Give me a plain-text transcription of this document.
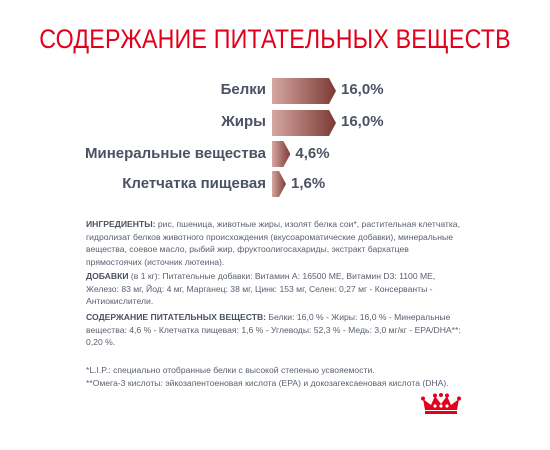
СОДЕРЖАНИЕ ПИТАТЕЛЬНЫХ ВЕЩЕСТВ
Белки	16,0%
Жиры	16,0%
Минеральные вещества 4,6%
Клетчатка пищевая 1,6%
ИНГРЕДИЕНТЫ: рис, пшеница, животные жиры, изолят белка сои*, растительная клетчатка, гидролизат белков животного происхождения (вкусоароматические добавки), минеральные вещества, соевое масло, рыбий жир, фруктоолигосахариды, экстракт бархатцев прямостоячих (источник лютеина).
ДОБАВКИ (в 1 кг): Питательные добавки: Витамин A: 16500 МЕ, Витамин D3: 1100 МЕ, Железо: 83 мг, Йод: 4 мг, Марганец: 38 мг, Цинк: 153 мг, Селен: 0,27 мг - Консерванты - Антиокислители.
СОДЕРЖАНИЕ ПИТАТЕЛЬНЫХ ВЕЩЕСТВ: Белки: 16,0 % - Жиры: 16,0 % - Минеральные вещества: 4,6 % - Клетчатка пищевая: 1,6 % - Углеводы: 52,3 % - Медь: 3,0 мг/кг - EPA/DHA**: 0,20 %.
*L.I.P.: специально отобранные белки с высокой степенью усвояемости.
**Омега-3 кислоты: эйкозапентоеновая кислота (EPA) и докозагексаеновая кислота (DHA).
